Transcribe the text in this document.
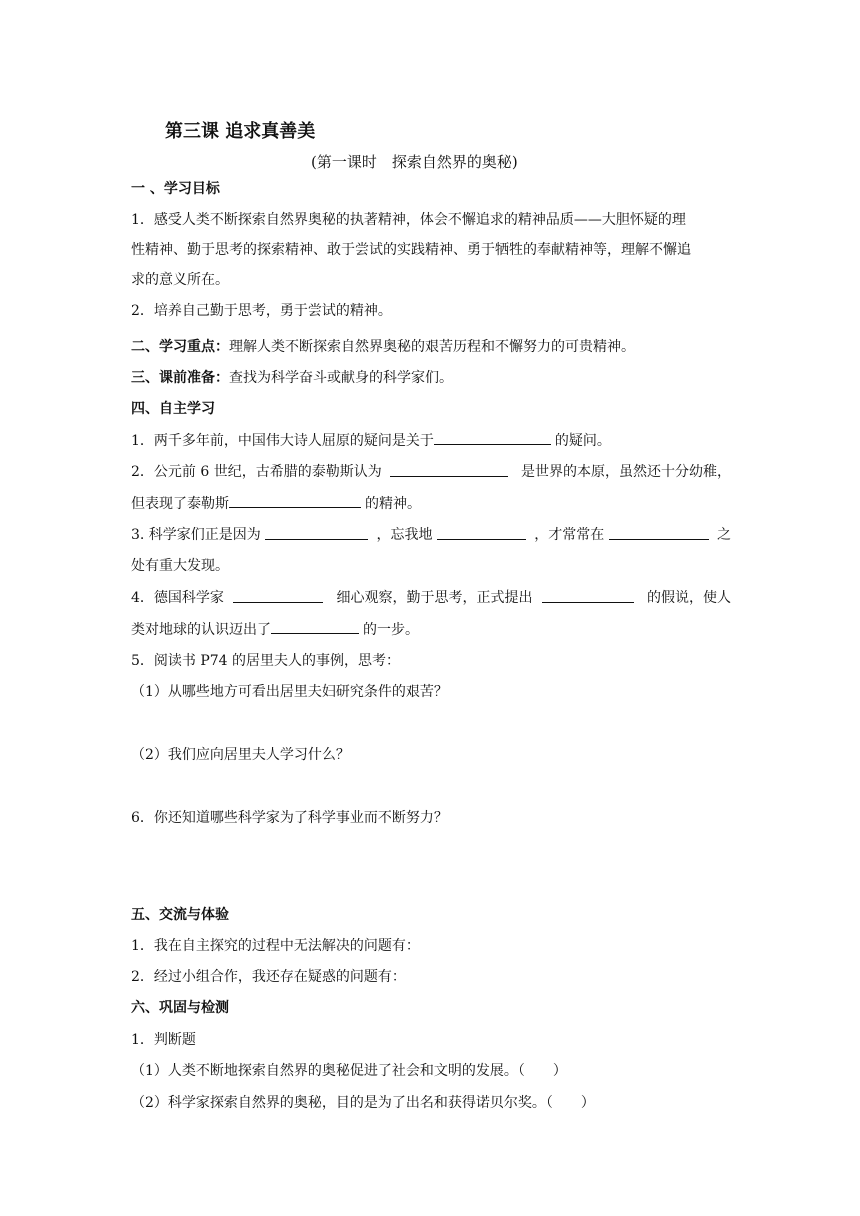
第三课 追求真善美
(第一课时　探索自然界的奥秘)
一 、学习目标
1．感受人类不断探索自然界奥秘的执著精神，体会不懈追求的精神品质——大胆怀疑的理
性精神、勤于思考的探索精神、敢于尝试的实践精神、勇于牺牲的奉献精神等，理解不懈追
求的意义所在。
2．培养自己勤于思考，勇于尝试的精神。
二、学习重点：理解人类不断探索自然界奥秘的艰苦历程和不懈努力的可贵精神。
三、课前准备：查找为科学奋斗或献身的科学家们。
四、自主学习
1．两千多年前，中国伟大诗人屈原的疑问是关于	的疑问。
2．公元前 6 世纪，古希腊的泰勒斯认为	是世界的本原，虽然还十分幼稚，
但表现了泰勒斯	的精神。
3. 科学家们正是因为	，忘我地	，才常常在	之
处有重大发现。
4．德国科学家	细心观察，勤于思考，正式提出	的假说，使人
类对地球的认识迈出了	的一步。
5．阅读书 P74 的居里夫人的事例，思考：
（1）从哪些地方可看出居里夫妇研究条件的艰苦？
（2）我们应向居里夫人学习什么？
6．你还知道哪些科学家为了科学事业而不断努力？
五、交流与体验
1．我在自主探究的过程中无法解决的问题有：
2．经过小组合作，我还存在疑惑的问题有：
六、巩固与检测
1．判断题
（1）人类不断地探索自然界的奥秘促进了社会和文明的发展。（　　）
（2）科学家探索自然界的奥秘，目的是为了出名和获得诺贝尔奖。（　　）
